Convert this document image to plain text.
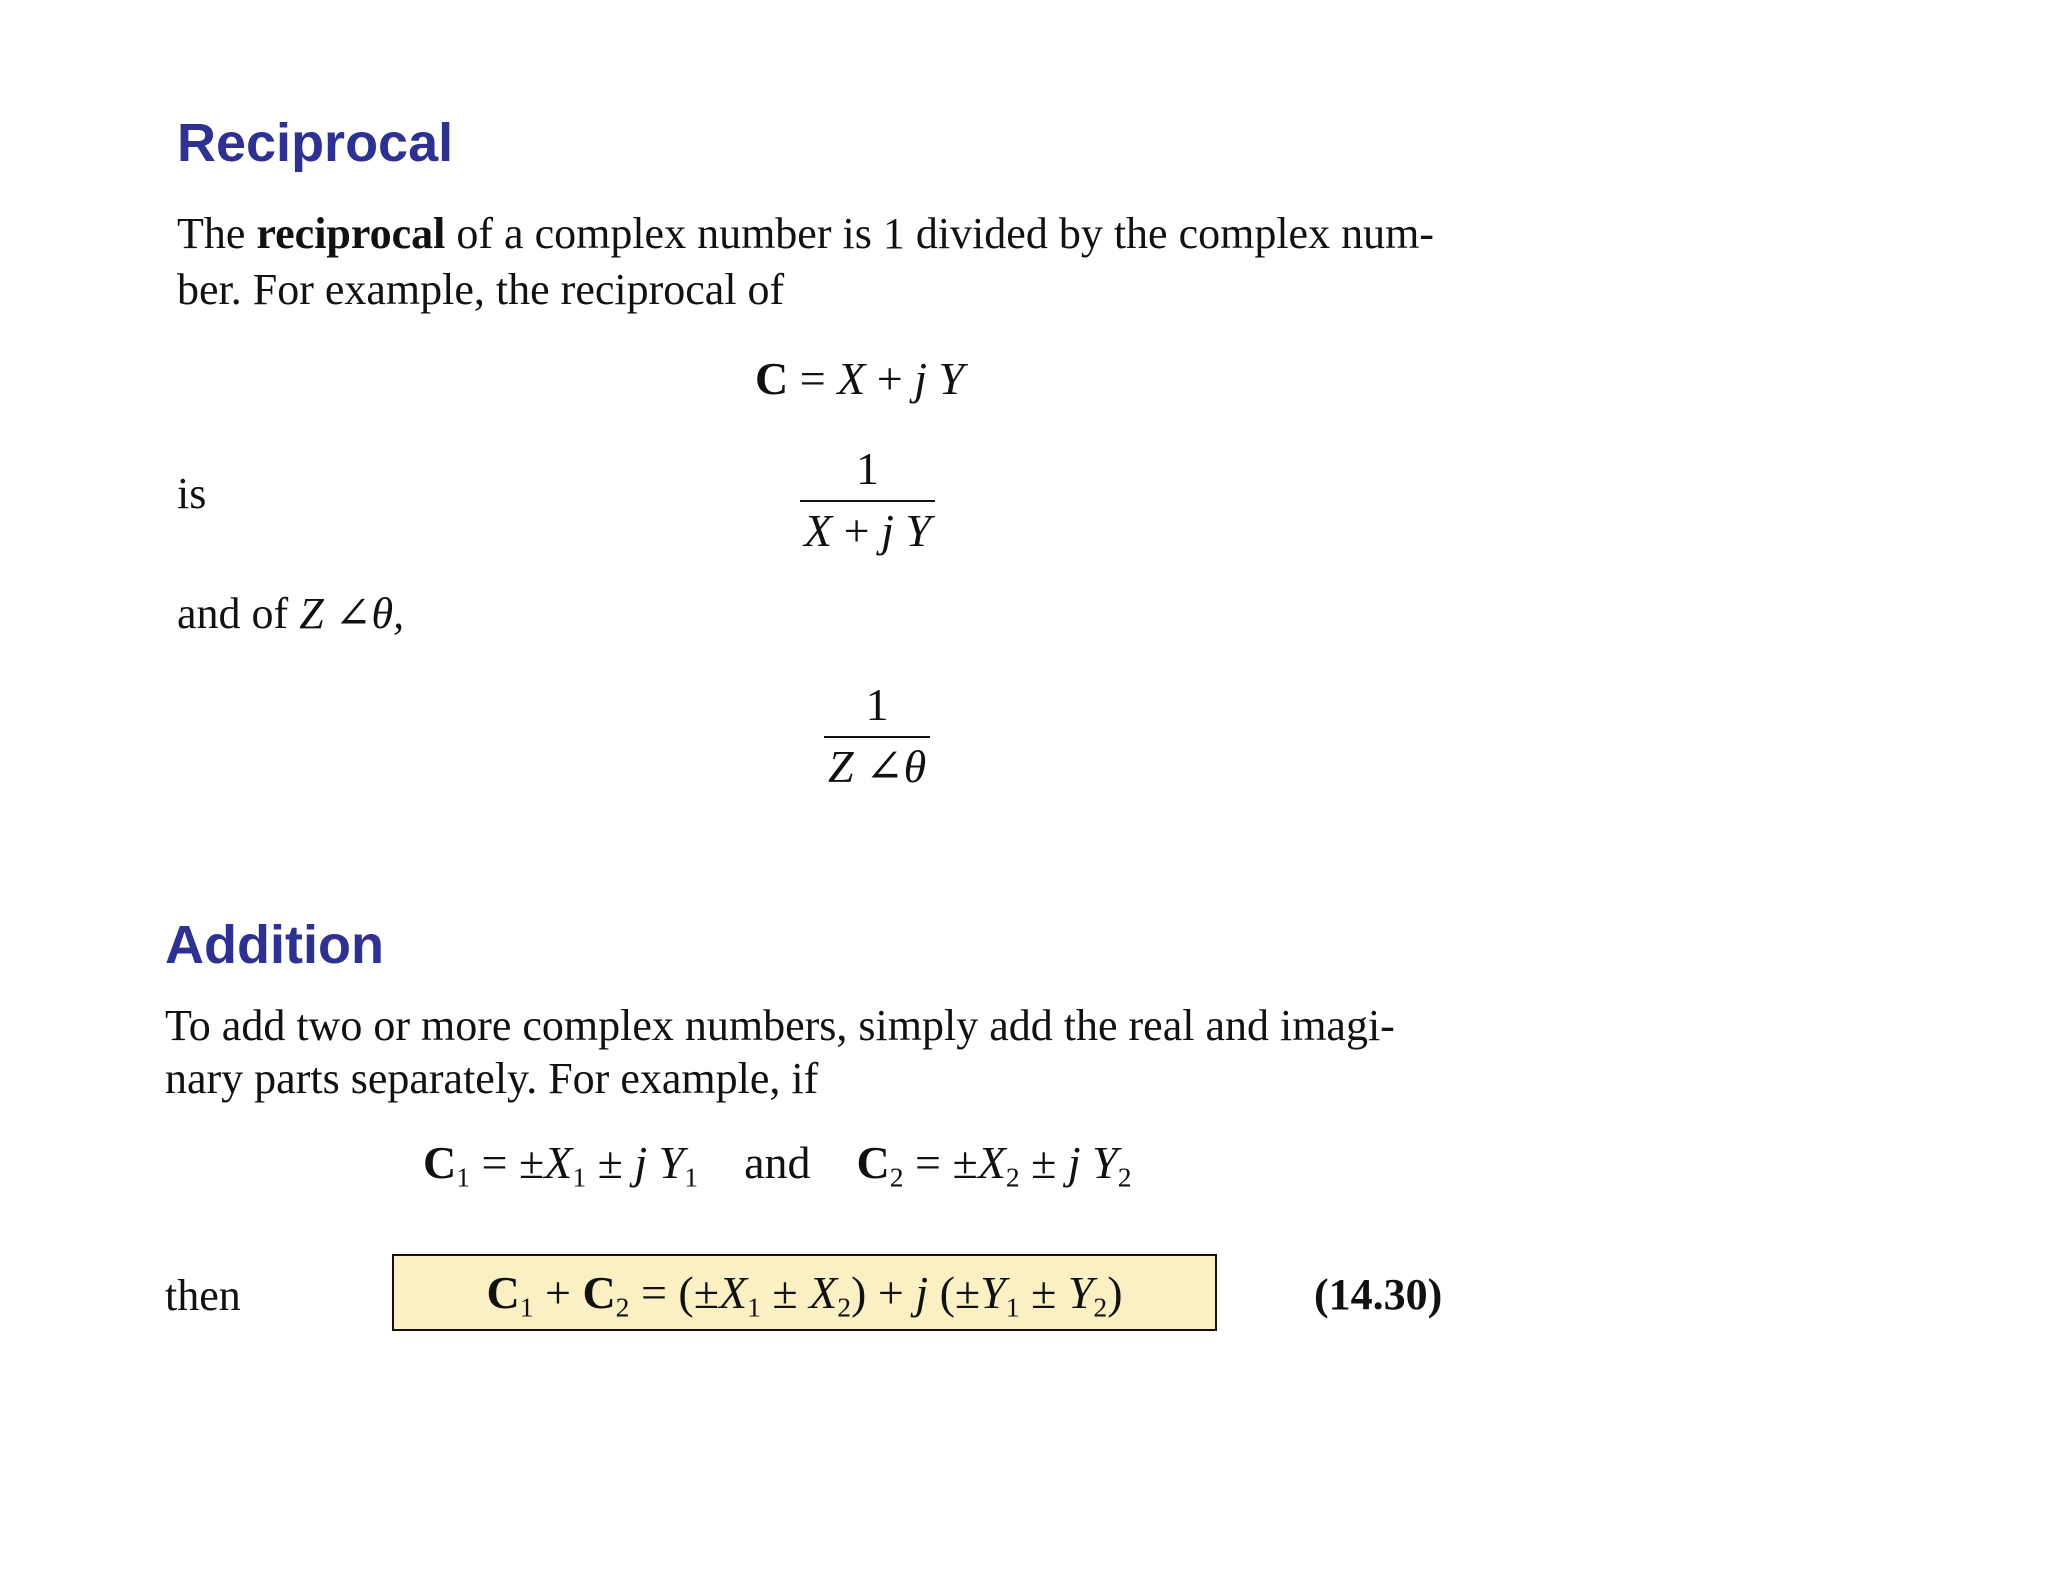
Reciprocal
The reciprocal of a complex number is 1 divided by the complex num-
ber. For example, the reciprocal of
C = X + j Y
is	$\frac{1}{\text{X + j Y}}$
and of Z ∠θ,
$\frac{1}{Z \angle\theta}$
Addition
To add two or more complex numbers, simply add the real and imagi-
nary parts separately. For example, if
$C_1 = \pm X_1 \pm j$ $Y_1$ and $C_2 = \pm X_2 \pm j$ $Y_2$
then	$C_1 + C_2 = (\pm X_1 \pm X_2) + j$ $(\pm Y_1 \pm Y_2)$	(14.30)
